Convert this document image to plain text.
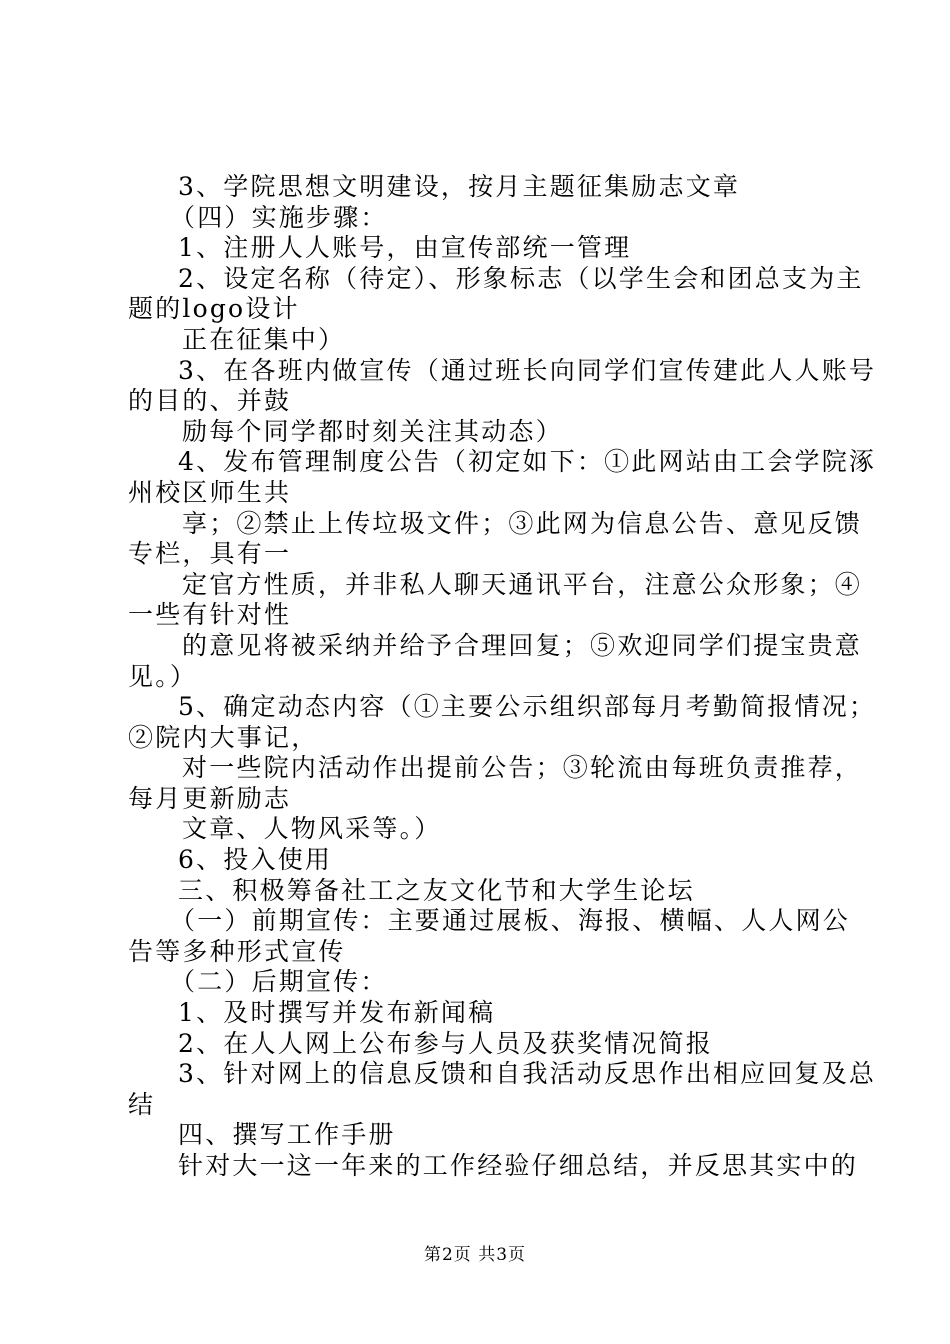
3、学院思想文明建设，按月主题征集励志文章
（四）实施步骤：
1、注册人人账号，由宣传部统一管理
2、设定名称（待定）、形象标志（以学生会和团总支为主
题的logo设计
正在征集中）
3、在各班内做宣传（通过班长向同学们宣传建此人人账号
的目的、并鼓
励每个同学都时刻关注其动态）
4、发布管理制度公告（初定如下：①此网站由工会学院涿
州校区师生共
享；②禁止上传垃圾文件；③此网为信息公告、意见反馈
专栏，具有一
定官方性质，并非私人聊天通讯平台，注意公众形象；④
一些有针对性
的意见将被采纳并给予合理回复；⑤欢迎同学们提宝贵意
见。）
5、确定动态内容（①主要公示组织部每月考勤简报情况；
②院内大事记，
对一些院内活动作出提前公告；③轮流由每班负责推荐，
每月更新励志
文章、人物风采等。）
6、投入使用
三、积极筹备社工之友文化节和大学生论坛
（一）前期宣传：主要通过展板、海报、横幅、人人网公
告等多种形式宣传
（二）后期宣传：
1、及时撰写并发布新闻稿
2、在人人网上公布参与人员及获奖情况简报
3、针对网上的信息反馈和自我活动反思作出相应回复及总
结
四、撰写工作手册
针对大一这一年来的工作经验仔细总结，并反思其实中的
第2页 共3页
